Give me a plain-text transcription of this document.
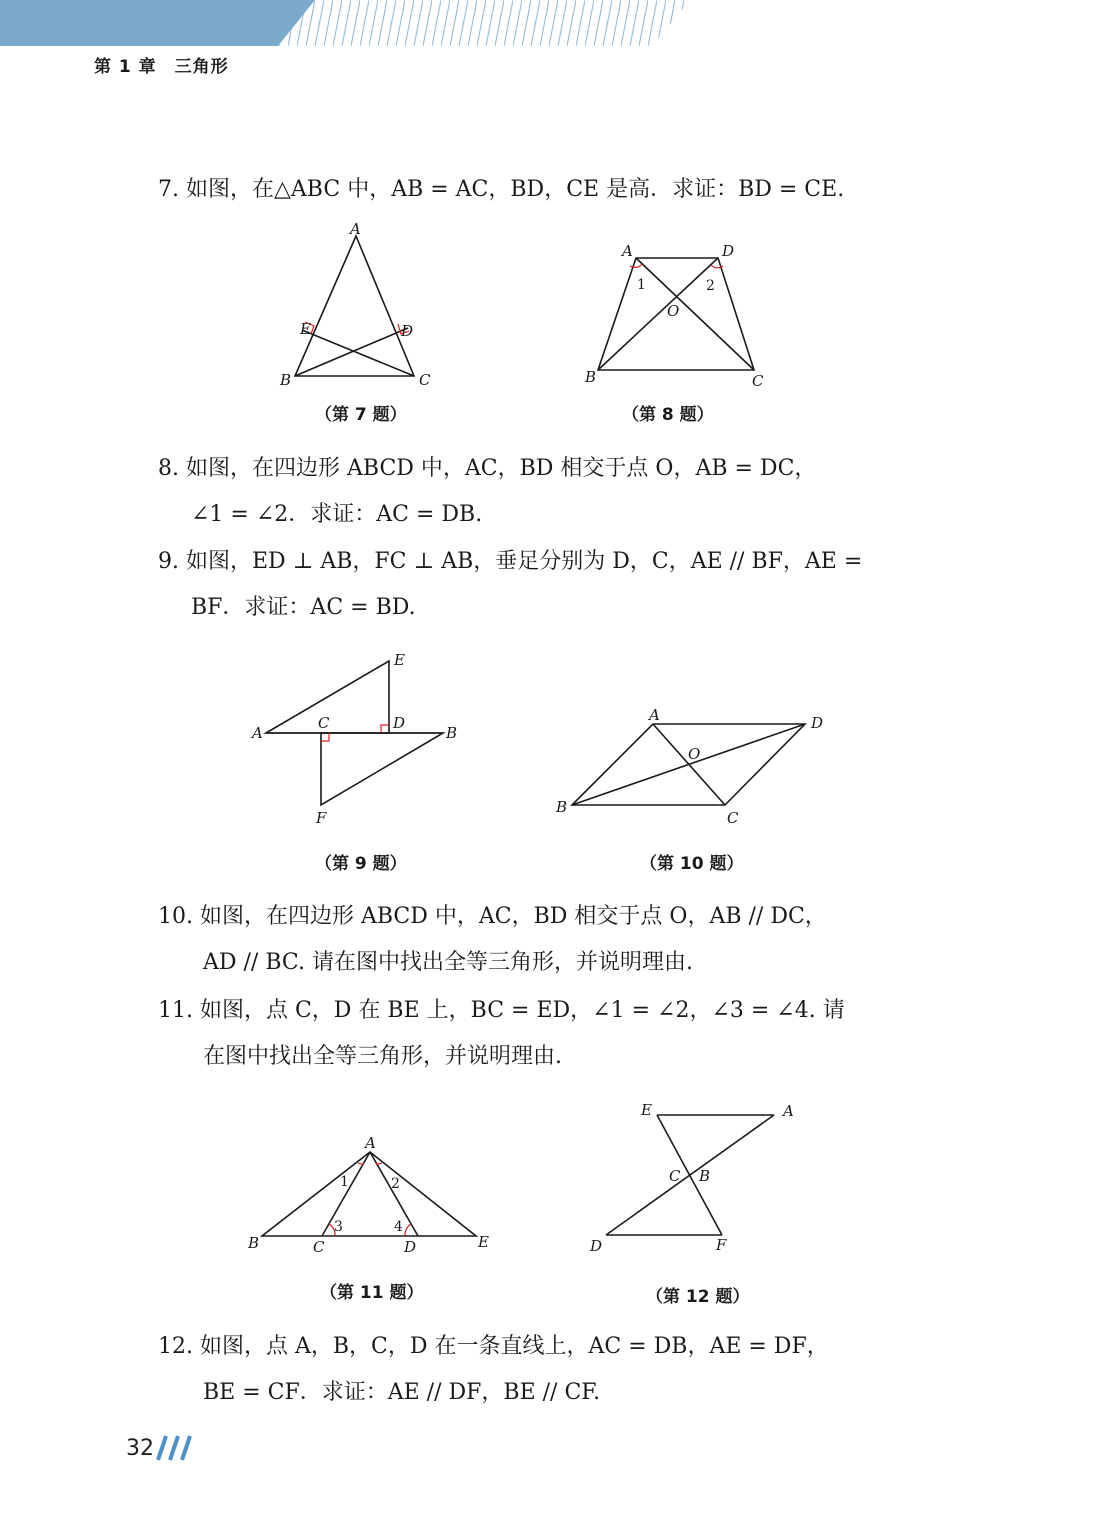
第 1 章　三角形
7. 如图，在△ABC 中，AB = AC，BD，CE 是高．求证：BD = CE.
A
B	C
D
E
（第 7 题）
A	D
B	C
O
1	2
（第 8 题）
8. 如图，在四边形 ABCD 中，AC，BD 相交于点 O，AB = DC，
∠1 = ∠2．求证：AC = DB.
9. 如图，ED ⊥ AB，FC ⊥ AB，垂足分别为 D，C，AE // BF，AE =
BF．求证：AC = BD.
A	B
C	D
E
F
（第 9 题）
A	D
B
C
O
（第 10 题）
10. 如图，在四边形 ABCD 中，AC，BD 相交于点 O，AB // DC，
AD // BC. 请在图中找出全等三角形，并说明理由.
11. 如图，点 C，D 在 BE 上，BC = ED，∠1 = ∠2，∠3 = ∠4. 请
在图中找出全等三角形，并说明理由.
A
B	C	D	E
1	2
3	4
（第 11 题）
E	A
C B
D	F
（第 12 题）
12. 如图，点 A，B，C，D 在一条直线上，AC = DB，AE = DF，
BE = CF．求证：AE // DF，BE // CF.
32
